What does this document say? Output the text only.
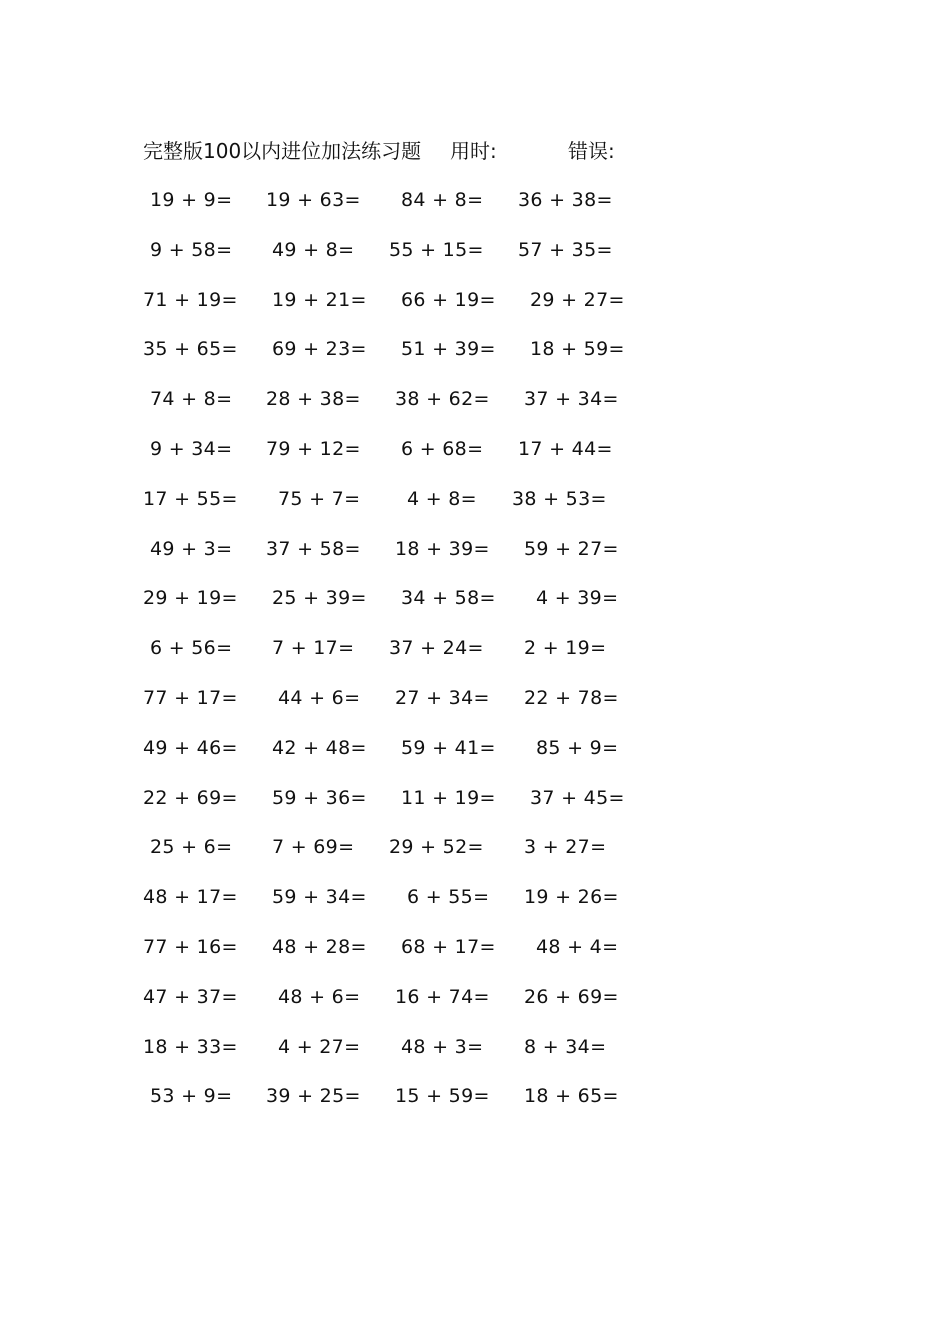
完整版100以内进位加法练习题 用时:	错误:
19 + 9= 19 + 63= 84 + 8= 36 + 38=
9 + 58= 49 + 8= 55 + 15= 57 + 35=
71 + 19= 19 + 21= 66 + 19= 29 + 27=
35 + 65= 69 + 23= 51 + 39= 18 + 59=
74 + 8= 28 + 38= 38 + 62= 37 + 34=
9 + 34= 79 + 12= 6 + 68= 17 + 44=
17 + 55= 75 + 7= 4 + 8= 38 + 53=
49 + 3= 37 + 58= 18 + 39= 59 + 27=
29 + 19= 25 + 39= 34 + 58= 4 + 39=
6 + 56= 7 + 17= 37 + 24= 2 + 19=
77 + 17= 44 + 6= 27 + 34= 22 + 78=
49 + 46= 42 + 48= 59 + 41= 85 + 9=
22 + 69= 59 + 36= 11 + 19= 37 + 45=
25 + 6= 7 + 69= 29 + 52= 3 + 27=
48 + 17= 59 + 34= 6 + 55= 19 + 26=
77 + 16= 48 + 28= 68 + 17= 48 + 4=
47 + 37= 48 + 6= 16 + 74= 26 + 69=
18 + 33= 4 + 27= 48 + 3= 8 + 34=
53 + 9= 39 + 25= 15 + 59= 18 + 65=
